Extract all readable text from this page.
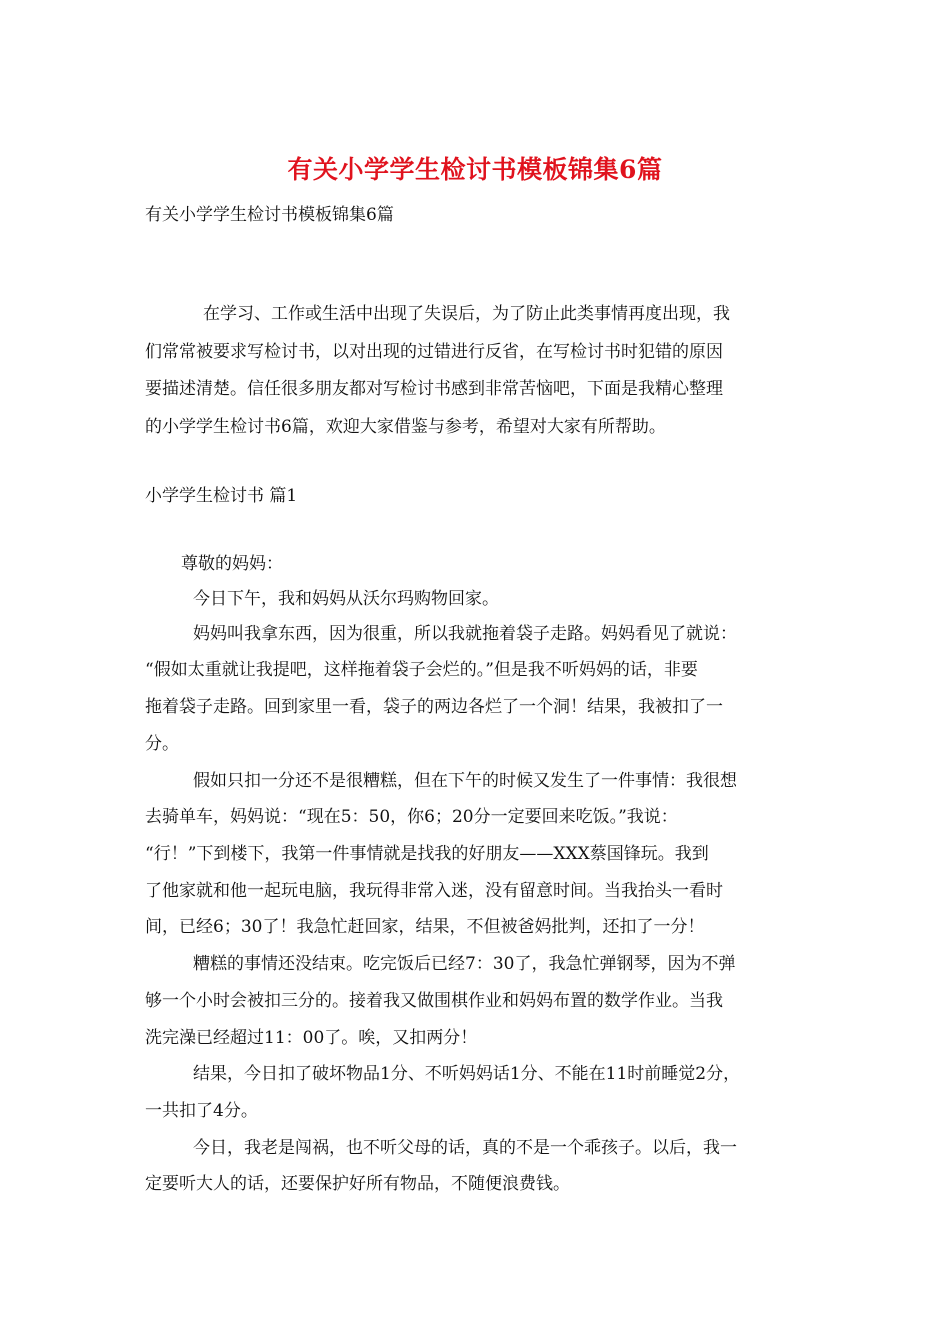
有关小学学生检讨书模板锦集6篇
有关小学学生检讨书模板锦集6篇
在学习、工作或生活中出现了失误后，为了防止此类事情再度出现，我
们常常被要求写检讨书，以对出现的过错进行反省，在写检讨书时犯错的原因
要描述清楚。信任很多朋友都对写检讨书感到非常苦恼吧，下面是我精心整理
的小学学生检讨书6篇，欢迎大家借鉴与参考，希望对大家有所帮助。
小学学生检讨书 篇1
尊敬的妈妈：
今日下午，我和妈妈从沃尔玛购物回家。
妈妈叫我拿东西，因为很重，所以我就拖着袋子走路。妈妈看见了就说：
“假如太重就让我提吧，这样拖着袋子会烂的。”但是我不听妈妈的话，非要
拖着袋子走路。回到家里一看，袋子的两边各烂了一个洞！结果，我被扣了一
分。
假如只扣一分还不是很糟糕，但在下午的时候又发生了一件事情：我很想
去骑单车，妈妈说：“现在5：50，你6；20分一定要回来吃饭。”我说：
“行！”下到楼下，我第一件事情就是找我的好朋友——XXX蔡国锋玩。我到
了他家就和他一起玩电脑，我玩得非常入迷，没有留意时间。当我抬头一看时
间，已经6；30了！我急忙赶回家，结果，不但被爸妈批判，还扣了一分！
糟糕的事情还没结束。吃完饭后已经7：30了，我急忙弹钢琴，因为不弹
够一个小时会被扣三分的。接着我又做围棋作业和妈妈布置的数学作业。当我
洗完澡已经超过11：00了。唉，又扣两分！
结果，今日扣了破坏物品1分、不听妈妈话1分、不能在11时前睡觉2分，
一共扣了4分。
今日，我老是闯祸，也不听父母的话，真的不是一个乖孩子。以后，我一
定要听大人的话，还要保护好所有物品，不随便浪费钱。
